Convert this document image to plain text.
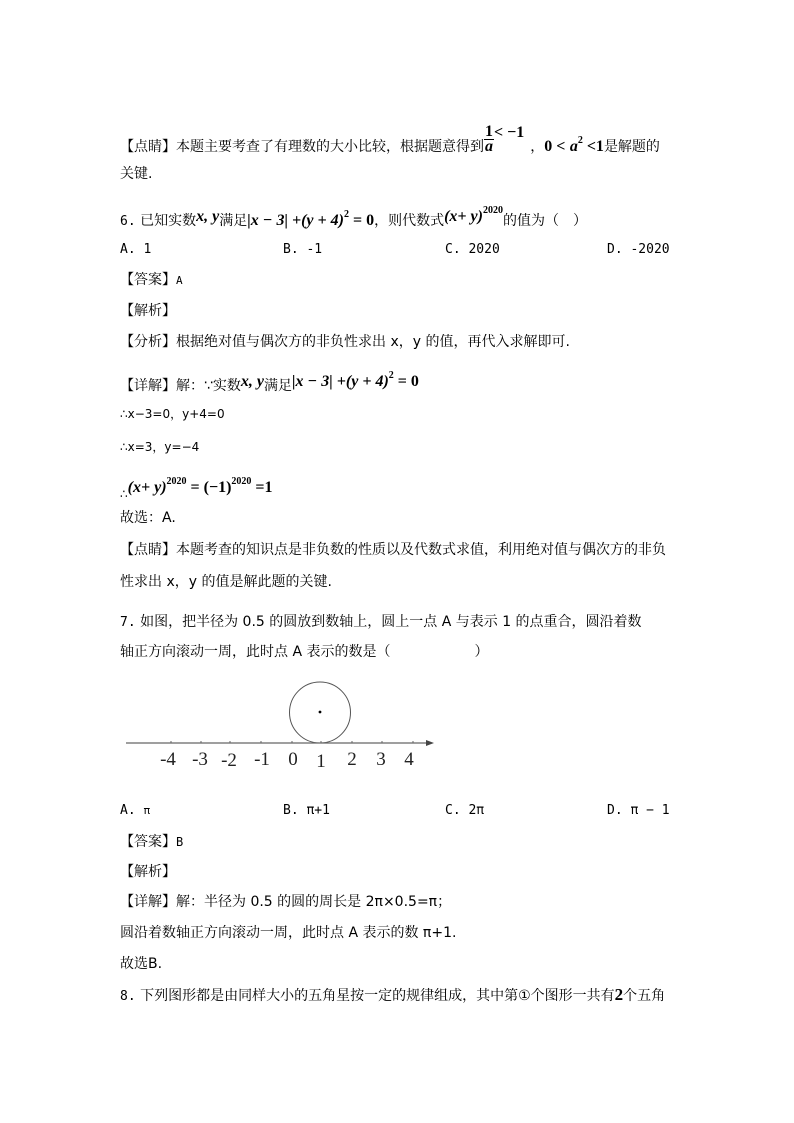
【点睛】本题主要考查了有理数的大小比较，根据题意得到 $\frac{1}{a} < -1$，$0 < a^2 <1$是解题的
关键.
6. 已知实数x, y满足$|x - 3| +(y + 4)^2 = 0$，则代数式$(x+ y)^{2020}$的值为（　）
A. 1	B. -1	C. 2020	D. -2020
【答案】A
【解析】
【分析】根据绝对值与偶次方的非负性求出 x，y 的值，再代入求解即可.
【详解】解：∵实数x, y满足$|x - 3| +(y + 4)^2 = 0$
∴x−3=0，y+4=0
∴x=3，y=−4
∴(x+ $y)^{2020} = (-1)^{2020} =1$
故选：A.
【点睛】本题考查的知识点是非负数的性质以及代数式求值，利用绝对值与偶次方的非负
性求出 x，y 的值是解此题的关键.
7. 如图，把半径为 0.5 的圆放到数轴上，圆上一点 A 与表示 1 的点重合，圆沿着数
轴正方向滚动一周，此时点 A 表示的数是（　　　　　　）
-4 -3 -2 -1 0 1 2 3 4
A. π	B. π+1	C. 2π	D. π − 1
【答案】B
【解析】
【详解】解：半径为 0.5 的圆的周长是 2π×0.5=π；
圆沿着数轴正方向滚动一周，此时点 A 表示的数 π+1.
故选B.
8. 下列图形都是由同样大小的五角星按一定的规律组成，其中第①个图形一共有2个五角
